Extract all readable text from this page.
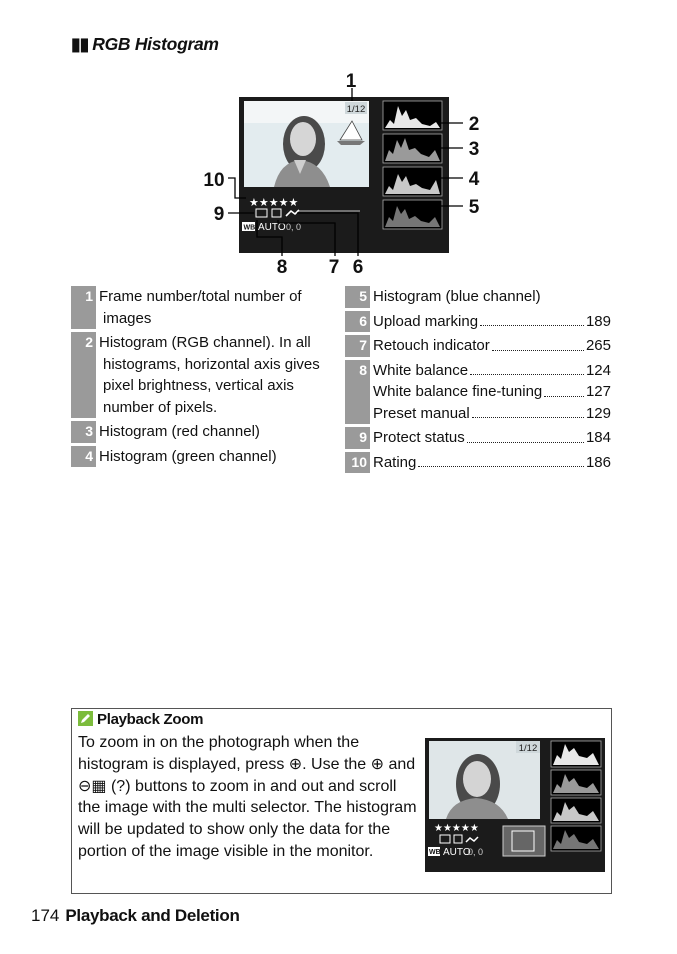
▮▮ RGB Histogram
1/12
★★★★★
WB AUTO 0, 0
1
2
3
4
5
6
7
8
9
10
1 Frame number/total number of
images
2 Histogram (RGB channel). In all
histograms, horizontal axis gives
pixel brightness, vertical axis
number of pixels.
3 Histogram (red channel)
4 Histogram (green channel)
5 Histogram (blue channel)
6 Upload marking	189
7 Retouch indicator	265
8 White balance	124
White balance fine-tuning	127
Preset manual	129
9 Protect status	184
10 Rating	186
Playback Zoom
To zoom in on the photograph when the histogram is displayed, press ⊕. Use the ⊕ and ⊖▦ (?) buttons to zoom in and out and scroll the image with the multi selector. The histogram will be updated to show only the data for the portion of the image visible in the monitor.
1/12
★★★★★
WB AUTO
0, 0
174 Playback and Deletion
